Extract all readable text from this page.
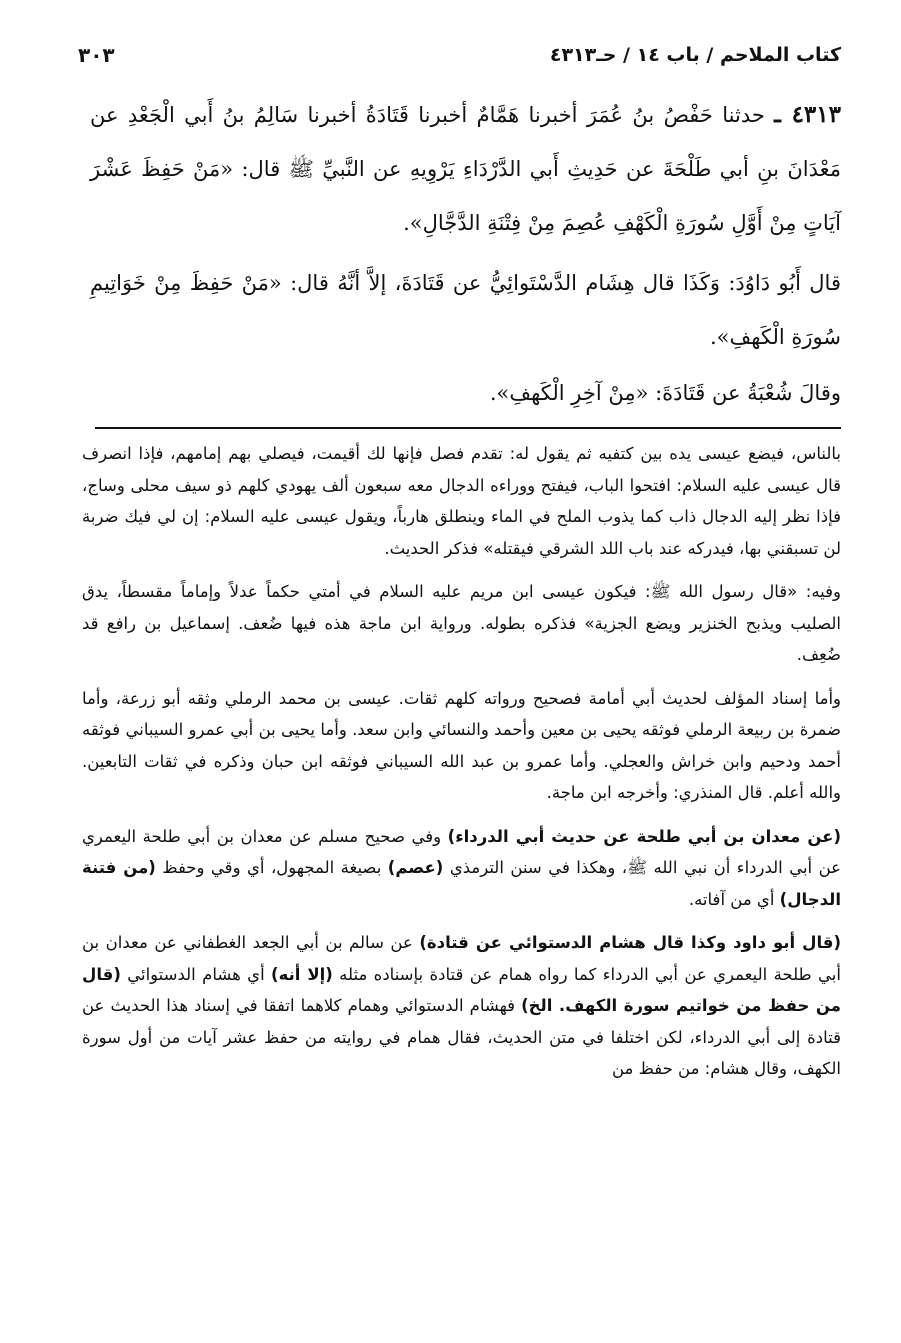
كتاب الملاحم / باب ١٤ / حـ٤٣١٣
٣٠٣

٤٣١٣ ـ حدثنا حَفْصُ بنُ عُمَرَ أخبرنا هَمَّامٌ أخبرنا قَتَادَةُ أخبرنا سَالِمُ بنُ أَبي الْجَعْدِ عن مَعْدَانَ بنِ أبي طَلْحَةَ عن حَدِيثِ أَبي الدَّرْدَاءِ يَرْوِيهِ عن النَّبيِّ ﷺ قال: «مَنْ حَفِظَ عَشْرَ آيَاتٍ مِنْ أَوَّلِ سُورَةِ الْكَهْفِ عُصِمَ مِنْ فِتْنَةِ الدَّجَّالِ».

قال أَبُو دَاوُدَ: وَكَذَا قال هِشَام الدَّسْتَوائِيُّ عن قَتَادَةَ، إلاَّ أنَّهُ قال: «مَنْ حَفِظَ مِنْ خَوَاتِيمِ سُورَةِ الْكَهفِ».

وقالَ شُعْبَةُ عن قَتَادَةَ: «مِنْ آخِرِ الْكَهفِ».

بالناس، فيضع عيسى يده بين كتفيه ثم يقول له: تقدم فصل فإنها لك أقيمت، فيصلي بهم إمامهم، فإذا انصرف قال عيسى عليه السلام: افتحوا الباب، فيفتح ووراءه الدجال معه سبعون ألف يهودي كلهم ذو سيف محلى وساج، فإذا نظر إليه الدجال ذاب كما يذوب الملح في الماء وينطلق هارباً، ويقول عيسى عليه السلام: إن لي فيك ضربة لن تسبقني بها، فيدركه عند باب اللد الشرقي فيقتله» فذكر الحديث.

وفيه: «قال رسول الله ﷺ: فيكون عيسى ابن مريم عليه السلام في أمتي حكماً عدلاً وإماماً مقسطاً، يدق الصليب ويذبح الخنزير ويضع الجزية» فذكره بطوله. ورواية ابن ماجة هذه فيها ضُعف. إسماعيل بن رافع قد ضُعِف.

وأما إسناد المؤلف لحديث أبي أمامة فصحيح ورواته كلهم ثقات. عيسى بن محمد الرملي وثقه أبو زرعة، وأما ضمرة بن ربيعة الرملي فوثقه يحيى بن معين وأحمد والنسائي وابن سعد. وأما يحيى بن أبي عمرو السيباني فوثقه أحمد ودحيم وابن خراش والعجلي. وأما عمرو بن عبد الله السيباني فوثقه ابن حبان وذكره في ثقات التابعين. والله أعلم. قال المنذري: وأخرجه ابن ماجة.

(عن معدان بن أبي طلحة عن حديث أبي الدرداء) وفي صحيح مسلم عن معدان بن أبي طلحة اليعمري عن أبي الدرداء أن نبي الله ﷺ، وهكذا في سنن الترمذي (عصم) بصيغة المجهول، أي وقي وحفظ (من فتنة الدجال) أي من آفاته.

(قال أبو داود وكذا قال هشام الدستوائي عن قتادة) عن سالم بن أبي الجعد الغطفاني عن معدان بن أبي طلحة اليعمري عن أبي الدرداء كما رواه همام عن قتادة بإسناده مثله (إلا أنه) أي هشام الدستوائي (قال من حفظ من خواتيم سورة الكهف. الخ) فهشام الدستوائي وهمام كلاهما اتفقا في إسناد هذا الحديث عن قتادة إلى أبي الدرداء، لكن اختلفا في متن الحديث، فقال همام في روايته من حفظ عشر آيات من أول سورة الكهف، وقال هشام: من حفظ من
